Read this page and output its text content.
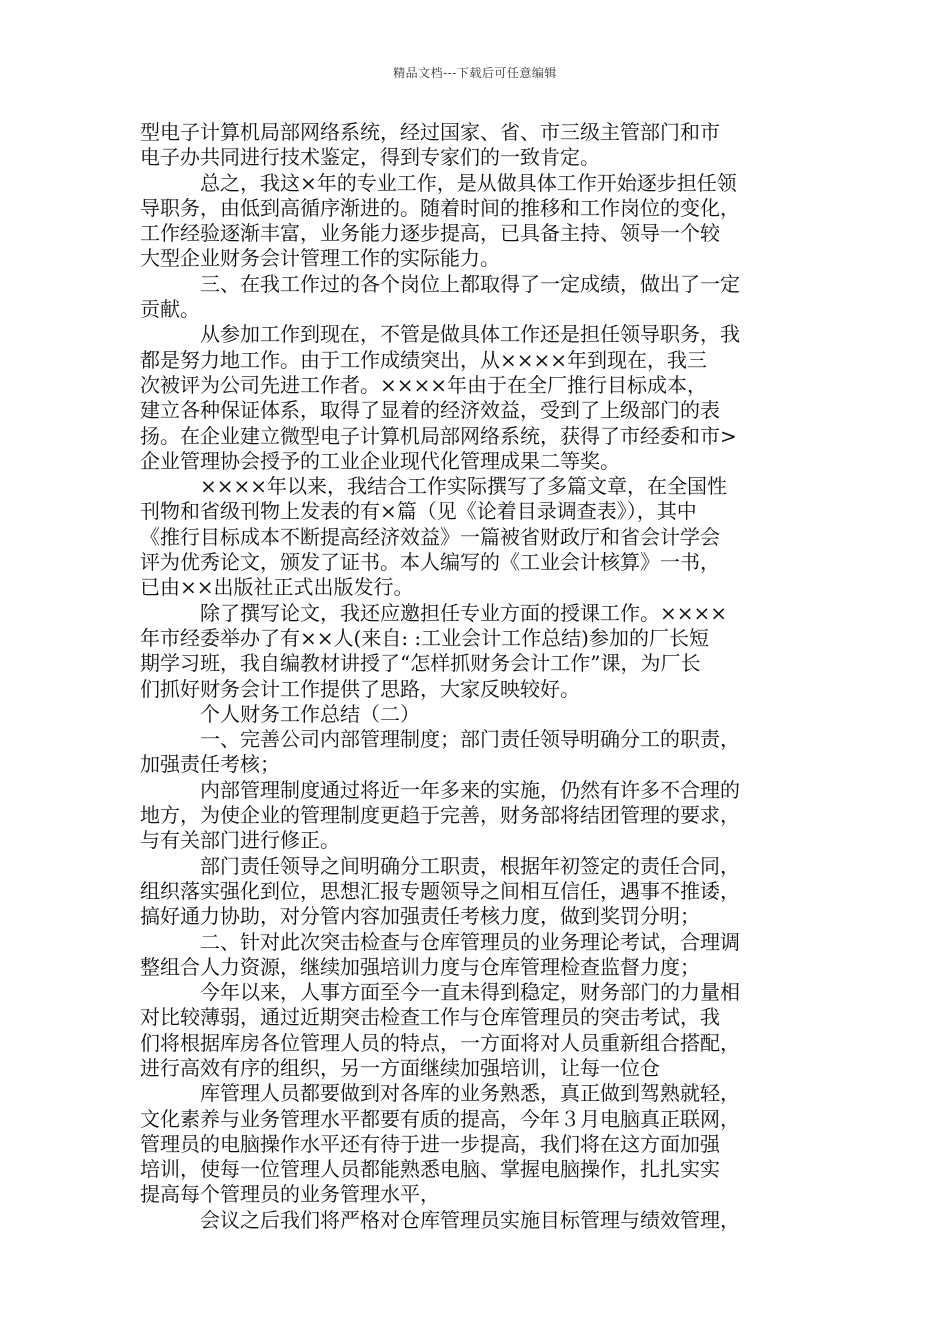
精品文档---下载后可任意编辑
型电子计算机局部网络系统，经过国家、省、市三级主管部门和市
电子办共同进行技术鉴定，得到专家们的一致肯定。
总之，我这×年的专业工作，是从做具体工作开始逐步担任领
导职务，由低到高循序渐进的。随着时间的推移和工作岗位的变化，
工作经验逐渐丰富，业务能力逐步提高，已具备主持、领导一个较
大型企业财务会计管理工作的实际能力。
三、在我工作过的各个岗位上都取得了一定成绩，做出了一定
贡献。
从参加工作到现在，不管是做具体工作还是担任领导职务，我
都是努力地工作。由于工作成绩突出，从××××年到现在，我三
次被评为公司先进工作者。××××年由于在全厂推行目标成本，
建立各种保证体系，取得了显着的经济效益，受到了上级部门的表
扬。在企业建立微型电子计算机局部网络系统，获得了市经委和市>
企业管理协会授予的工业企业现代化管理成果二等奖。
××××年以来，我结合工作实际撰写了多篇文章，在全国性
刊物和省级刊物上发表的有×篇（见《论着目录调查表》），其中
《推行目标成本不断提高经济效益》一篇被省财政厅和省会计学会
评为优秀论文，颁发了证书。本人编写的《工业会计核算》一书，
已由××出版社正式出版发行。
除了撰写论文，我还应邀担任专业方面的授课工作。××××
年市经委举办了有××人(来自: :工业会计工作总结)参加的厂长短
期学习班，我自编教材讲授了“怎样抓财务会计工作”课，为厂长
们抓好财务会计工作提供了思路，大家反映较好。
个人财务工作总结（二）
一、完善公司内部管理制度；部门责任领导明确分工的职责，
加强责任考核；
内部管理制度通过将近一年多来的实施，仍然有许多不合理的
地方，为使企业的管理制度更趋于完善，财务部将结团管理的要求，
与有关部门进行修正。
部门责任领导之间明确分工职责，根据年初签定的责任合同，
组织落实强化到位，思想汇报专题领导之间相互信任，遇事不推诿，
搞好通力协助，对分管内容加强责任考核力度，做到奖罚分明；
二、针对此次突击检查与仓库管理员的业务理论考试，合理调
整组合人力资源，继续加强培训力度与仓库管理检查监督力度；
今年以来，人事方面至今一直未得到稳定，财务部门的力量相
对比较薄弱，通过近期突击检查工作与仓库管理员的突击考试，我
们将根据库房各位管理人员的特点，一方面将对人员重新组合搭配，
进行高效有序的组织，另一方面继续加强培训，让每一位仓
库管理人员都要做到对各库的业务熟悉，真正做到驾熟就轻，
文化素养与业务管理水平都要有质的提高，今年３月电脑真正联网，
管理员的电脑操作水平还有待于进一步提高，我们将在这方面加强
培训，使每一位管理人员都能熟悉电脑、掌握电脑操作，扎扎实实
提高每个管理员的业务管理水平，
会议之后我们将严格对仓库管理员实施目标管理与绩效管理，
